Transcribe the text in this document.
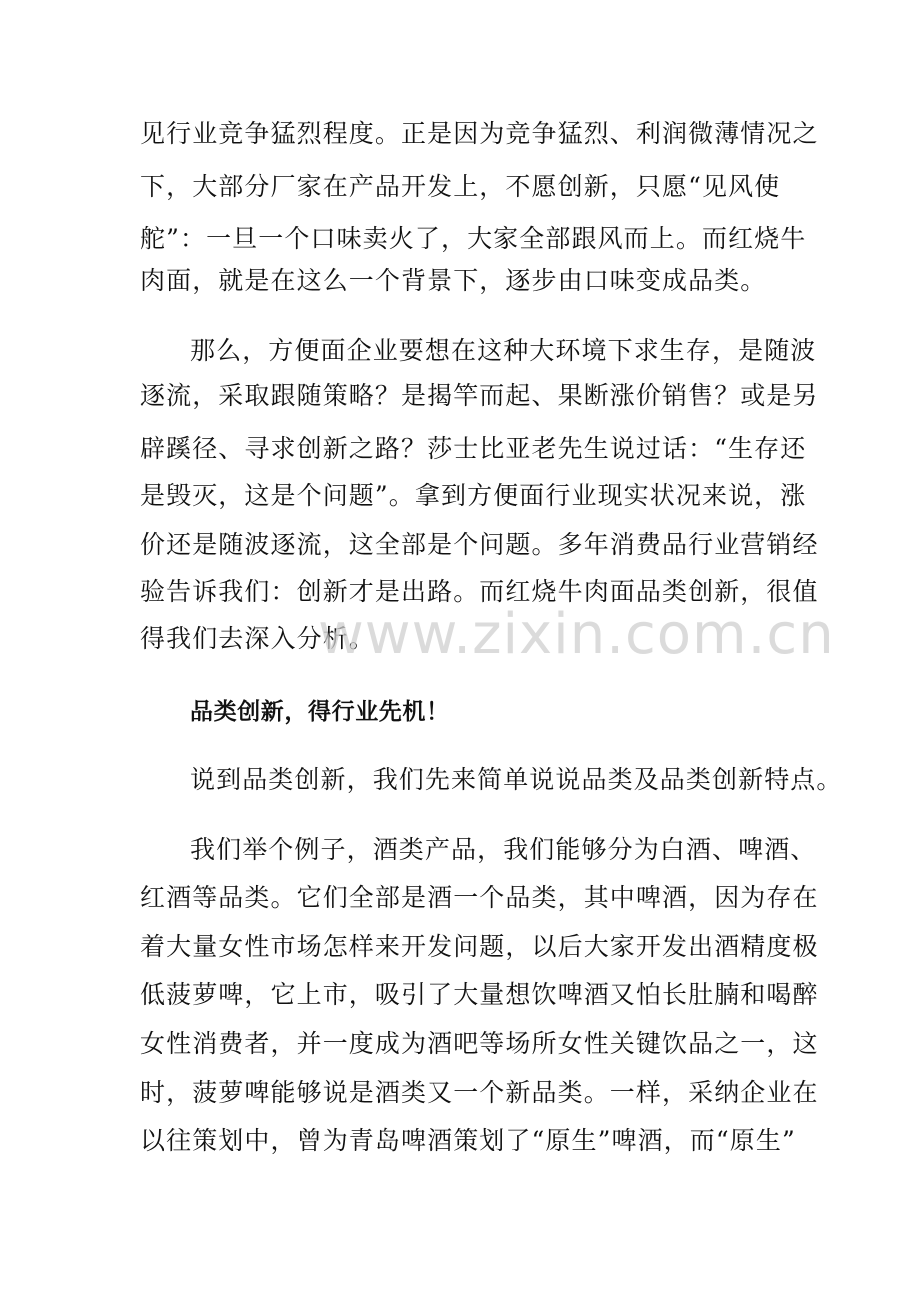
见行业竞争猛烈程度。正是因为竞争猛烈、利润微薄情况之
下，大部分厂家在产品开发上，不愿创新，只愿“见风使
舵”：一旦一个口味卖火了，大家全部跟风而上。而红烧牛
肉面，就是在这么一个背景下，逐步由口味变成品类。
那么，方便面企业要想在这种大环境下求生存，是随波
逐流，采取跟随策略？是揭竿而起、果断涨价销售？或是另
辟蹊径、寻求创新之路？莎士比亚老先生说过话：“生存还
是毁灭，这是个问题”。拿到方便面行业现实状况来说，涨
价还是随波逐流，这全部是个问题。多年消费品行业营销经
验告诉我们：创新才是出路。而红烧牛肉面品类创新，很值
得我们去深入分析。
品类创新，得行业先机！
说到品类创新，我们先来简单说说品类及品类创新特点。
我们举个例子，酒类产品，我们能够分为白酒、啤酒、
红酒等品类。它们全部是酒一个品类，其中啤酒，因为存在
着大量女性市场怎样来开发问题，以后大家开发出酒精度极
低菠萝啤，它上市，吸引了大量想饮啤酒又怕长肚腩和喝醉
女性消费者，并一度成为酒吧等场所女性关键饮品之一，这
时，菠萝啤能够说是酒类又一个新品类。一样，采纳企业在
以往策划中，曾为青岛啤酒策划了“原生”啤酒，而“原生”
www.zixin.com.cn
